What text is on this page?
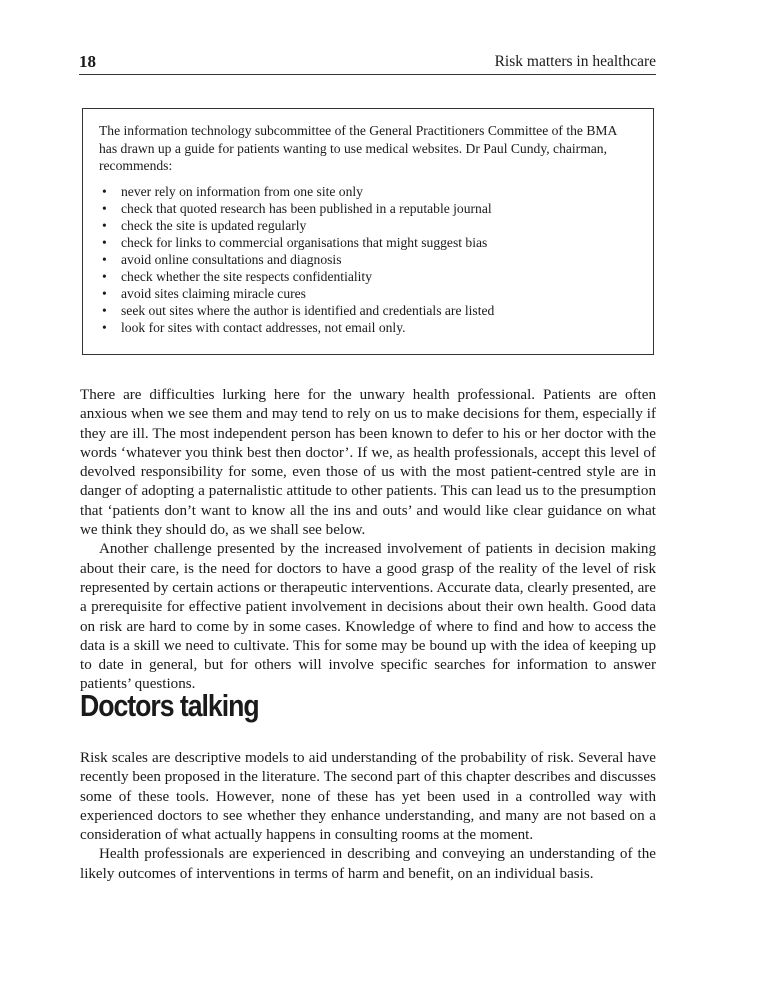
18	Risk matters in healthcare

The information technology subcommittee of the General Practitioners Committee of the BMA has drawn up a guide for patients wanting to use medical websites. Dr Paul Cundy, chairman, recommends:

• never rely on information from one site only
• check that quoted research has been published in a reputable journal
• check the site is updated regularly
• check for links to commercial organisations that might suggest bias
• avoid online consultations and diagnosis
• check whether the site respects confidentiality
• avoid sites claiming miracle cures
• seek out sites where the author is identified and credentials are listed
• look for sites with contact addresses, not email only.

There are difficulties lurking here for the unwary health professional. Patients are often anxious when we see them and may tend to rely on us to make decisions for them, especially if they are ill. The most independent person has been known to defer to his or her doctor with the words ‘whatever you think best then doctor’. If we, as health professionals, accept this level of devolved responsibility for some, even those of us with the most patient-centred style are in danger of adopting a paternalistic attitude to other patients. This can lead us to the presumption that ‘patients don’t want to know all the ins and outs’ and would like clear guidance on what we think they should do, as we shall see below.

Another challenge presented by the increased involvement of patients in decision making about their care, is the need for doctors to have a good grasp of the reality of the level of risk represented by certain actions or therapeutic interventions. Accurate data, clearly presented, are a prerequisite for effective patient involvement in decisions about their own health. Good data on risk are hard to come by in some cases. Knowledge of where to find and how to access the data is a skill we need to cultivate. This for some may be bound up with the idea of keeping up to date in general, but for others will involve specific searches for information to answer patients’ questions.

Doctors talking

Risk scales are descriptive models to aid understanding of the probability of risk. Several have recently been proposed in the literature. The second part of this chapter describes and discusses some of these tools. However, none of these has yet been used in a controlled way with experienced doctors to see whether they enhance understanding, and many are not based on a consideration of what actually happens in consulting rooms at the moment.

Health professionals are experienced in describing and conveying an understanding of the likely outcomes of interventions in terms of harm and benefit, on an individual basis.
